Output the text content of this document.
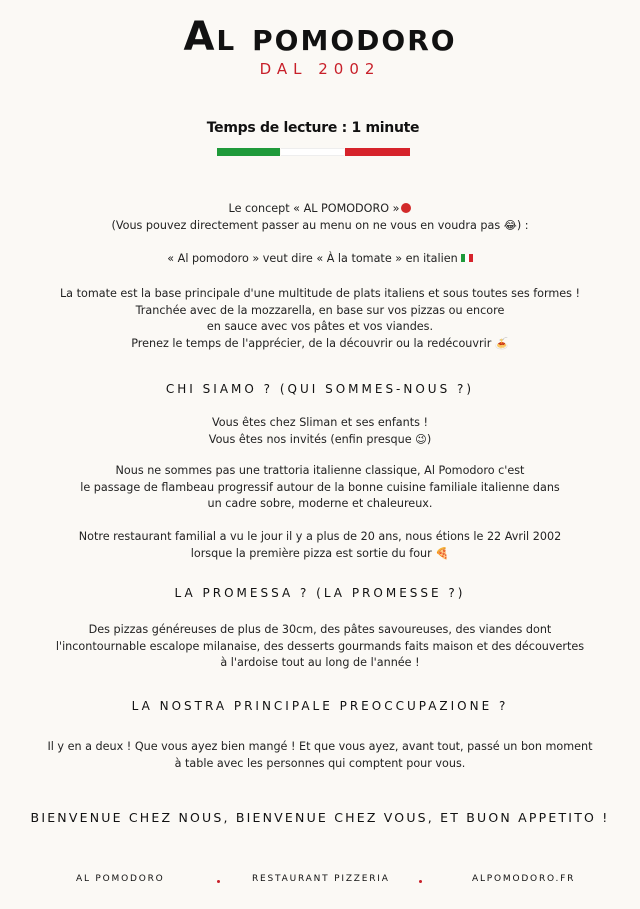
Al pomodoro
DAL 2002
Temps de lecture : 1 minute
Le concept « AL POMODORO »
(Vous pouvez directement passer au menu on ne vous en voudra pas 😂) :
« Al pomodoro » veut dire « À la tomate » en italien
La tomate est la base principale d'une multitude de plats italiens et sous toutes ses formes !
Tranchée avec de la mozzarella, en base sur vos pizzas ou encore
en sauce avec vos pâtes et vos viandes.
Prenez le temps de l'apprécier, de la découvrir ou la redécouvrir 🍝
CHI SIAMO ? (QUI SOMMES-NOUS ?)
Vous êtes chez Sliman et ses enfants !
Vous êtes nos invités (enfin presque 😉)
Nous ne sommes pas une trattoria italienne classique, Al Pomodoro c'est
le passage de flambeau progressif autour de la bonne cuisine familiale italienne dans
un cadre sobre, moderne et chaleureux.
Notre restaurant familial a vu le jour il y a plus de 20 ans, nous étions le 22 Avril 2002
lorsque la première pizza est sortie du four 🍕
LA PROMESSA ? (LA PROMESSE ?)
Des pizzas généreuses de plus de 30cm, des pâtes savoureuses, des viandes dont
l'incontournable escalope milanaise, des desserts gourmands faits maison et des découvertes
à l'ardoise tout au long de l'année !
LA NOSTRA PRINCIPALE PREOCCUPAZIONE ?
Il y en a deux ! Que vous ayez bien mangé ! Et que vous ayez, avant tout, passé un bon moment
à table avec les personnes qui comptent pour vous.
BIENVENUE CHEZ NOUS, BIENVENUE CHEZ VOUS, ET BUON APPETITO !
AL POMODORO	RESTAURANT PIZZERIA	ALPOMODORO.FR
